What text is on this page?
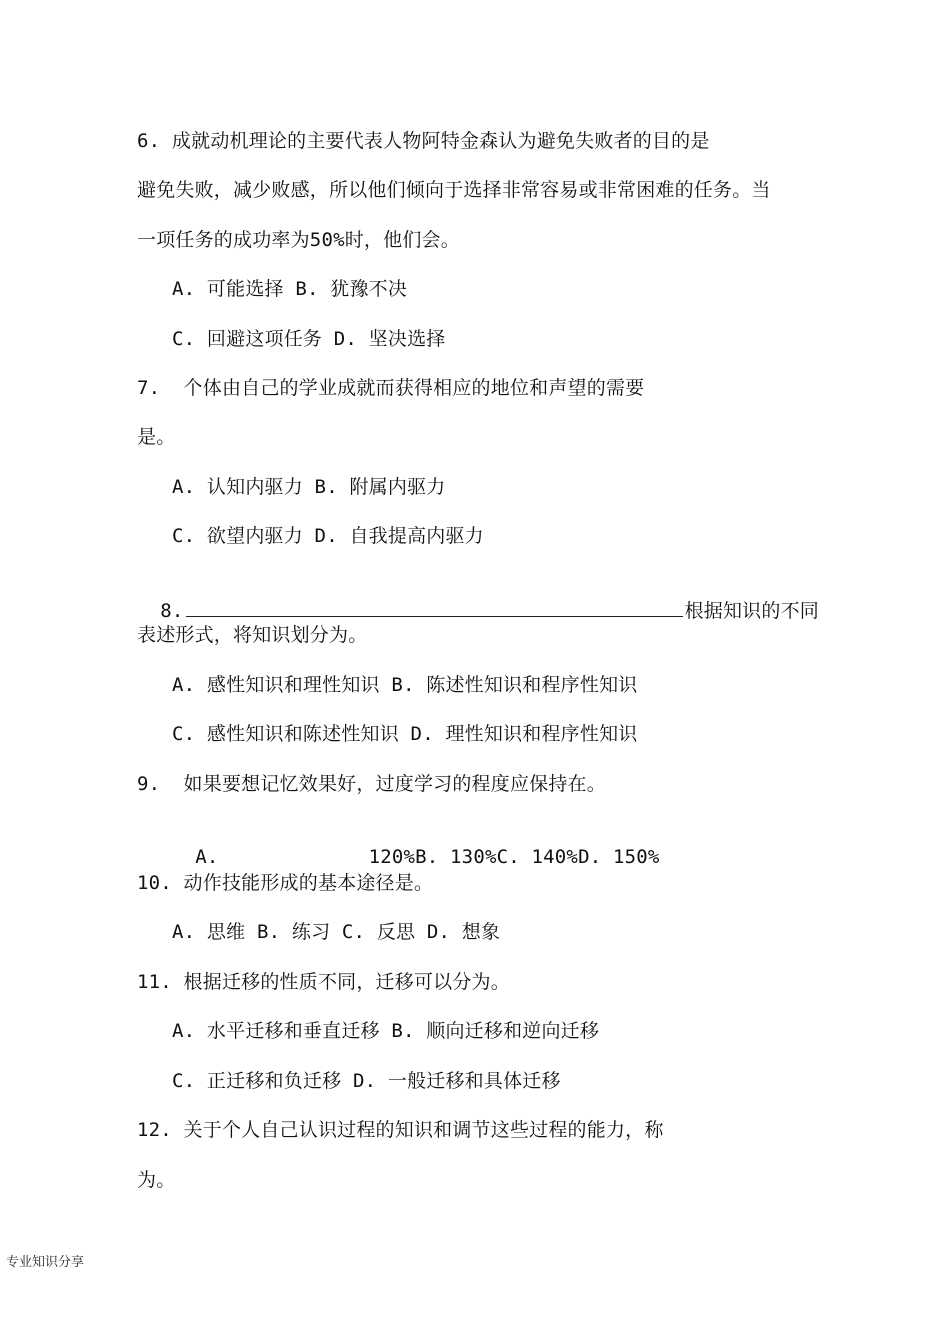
6. 成就动机理论的主要代表人物阿特金森认为避免失败者的目的是
避免失败，减少败感，所以他们倾向于选择非常容易或非常困难的任务。当
一项任务的成功率为50%时，他们会。
A. 可能选择 B. 犹豫不决
C. 回避这项任务 D. 坚决选择
7.  个体由自己的学业成就而获得相应的地位和声望的需要
是。
A. 认知内驱力 B. 附属内驱力
C. 欲望内驱力 D. 自我提高内驱力

8.	根据知识的不同

表述形式，将知识划分为。
A. 感性知识和理性知识 B. 陈述性知识和程序性知识
C. 感性知识和陈述性知识 D. 理性知识和程序性知识
9.  如果要想记忆效果好，过度学习的程度应保持在。

A.	120%B. 130%C. 140%D. 150%

10. 动作技能形成的基本途径是。
A. 思维 B. 练习 C. 反思 D. 想象
11. 根据迁移的性质不同，迁移可以分为。
A. 水平迁移和垂直迁移 B. 顺向迁移和逆向迁移
C. 正迁移和负迁移 D. 一般迁移和具体迁移
12. 关于个人自己认识过程的知识和调节这些过程的能力，称
为。
专业知识分享
